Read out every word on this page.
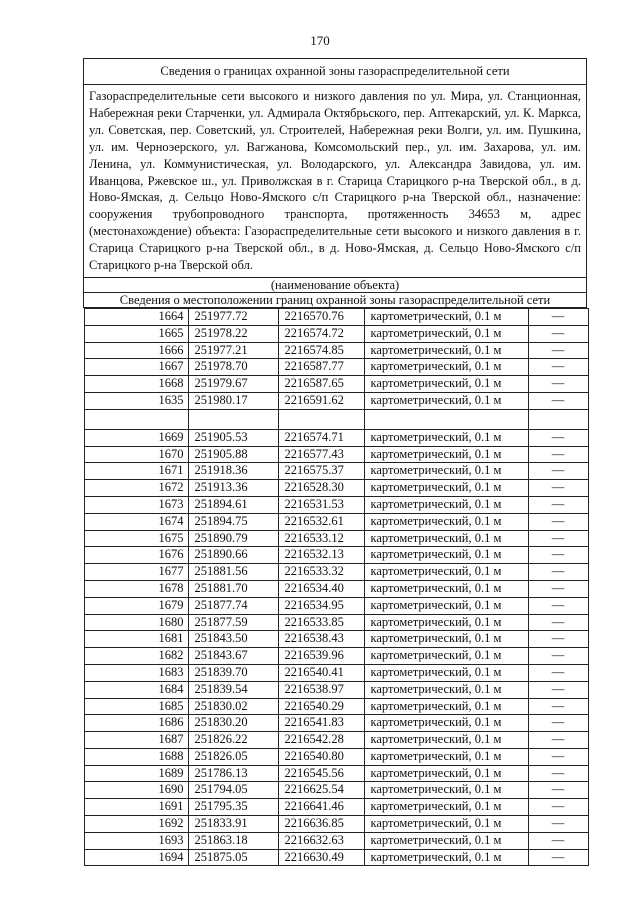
170
Сведения о границах охранной зоны газораспределительной сети
Газораспределительные сети высокого и низкого давления по ул. Мира, ул. Станционная, Набережная реки Старченки, ул. Адмирала Октябрьского, пер. Аптекарский, ул. К. Маркса, ул. Советская, пер. Советский, ул. Строителей, Набережная реки Волги, ул. им. Пушкина, ул. им. Черноэерского, ул. Вагжанова, Комсомольский пер., ул. им. Захарова, ул. им. Ленина, ул. Коммунистическая, ул. Володарского, ул. Александра Завидова, ул. им. Иванцова, Ржевское ш., ул. Приволжская в г. Старица Старицкого р-на Тверской обл., в д. Ново-Ямская, д. Сельцо Ново-Ямского с/п Старицкого р-на Тверской обл., назначение: сооружения трубопроводного транспорта, протяженность 34653 м, адрес (местонахождение) объекта: Газораспределительные сети высокого и низкого давления в г. Старица Старицкого р-на Тверской обл., в д. Ново-Ямская, д. Сельцо Ново-Ямского с/п Старицкого р-на Тверской обл.
(наименование объекта)
Сведения о местоположении границ охранной зоны газораспределительной сети

1664	251977.72	2216570.76	картометрический, 0.1 м	—
1665	251978.22	2216574.72	картометрический, 0.1 м	—
1666	251977.21	2216574.85	картометрический, 0.1 м	—
1667	251978.70	2216587.77	картометрический, 0.1 м	—
1668	251979.67	2216587.65	картометрический, 0.1 м	—
1635	251980.17	2216591.62	картометрический, 0.1 м	—

1669	251905.53	2216574.71	картометрический, 0.1 м	—
1670	251905.88	2216577.43	картометрический, 0.1 м	—
1671	251918.36	2216575.37	картометрический, 0.1 м	—
1672	251913.36	2216528.30	картометрический, 0.1 м	—
1673	251894.61	2216531.53	картометрический, 0.1 м	—
1674	251894.75	2216532.61	картометрический, 0.1 м	—
1675	251890.79	2216533.12	картометрический, 0.1 м	—
1676	251890.66	2216532.13	картометрический, 0.1 м	—
1677	251881.56	2216533.32	картометрический, 0.1 м	—
1678	251881.70	2216534.40	картометрический, 0.1 м	—
1679	251877.74	2216534.95	картометрический, 0.1 м	—
1680	251877.59	2216533.85	картометрический, 0.1 м	—
1681	251843.50	2216538.43	картометрический, 0.1 м	—
1682	251843.67	2216539.96	картометрический, 0.1 м	—
1683	251839.70	2216540.41	картометрический, 0.1 м	—
1684	251839.54	2216538.97	картометрический, 0.1 м	—
1685	251830.02	2216540.29	картометрический, 0.1 м	—
1686	251830.20	2216541.83	картометрический, 0.1 м	—
1687	251826.22	2216542.28	картометрический, 0.1 м	—
1688	251826.05	2216540.80	картометрический, 0.1 м	—
1689	251786.13	2216545.56	картометрический, 0.1 м	—
1690	251794.05	2216625.54	картометрический, 0.1 м	—
1691	251795.35	2216641.46	картометрический, 0.1 м	—
1692	251833.91	2216636.85	картометрический, 0.1 м	—
1693	251863.18	2216632.63	картометрический, 0.1 м	—
1694	251875.05	2216630.49	картометрический, 0.1 м	—
